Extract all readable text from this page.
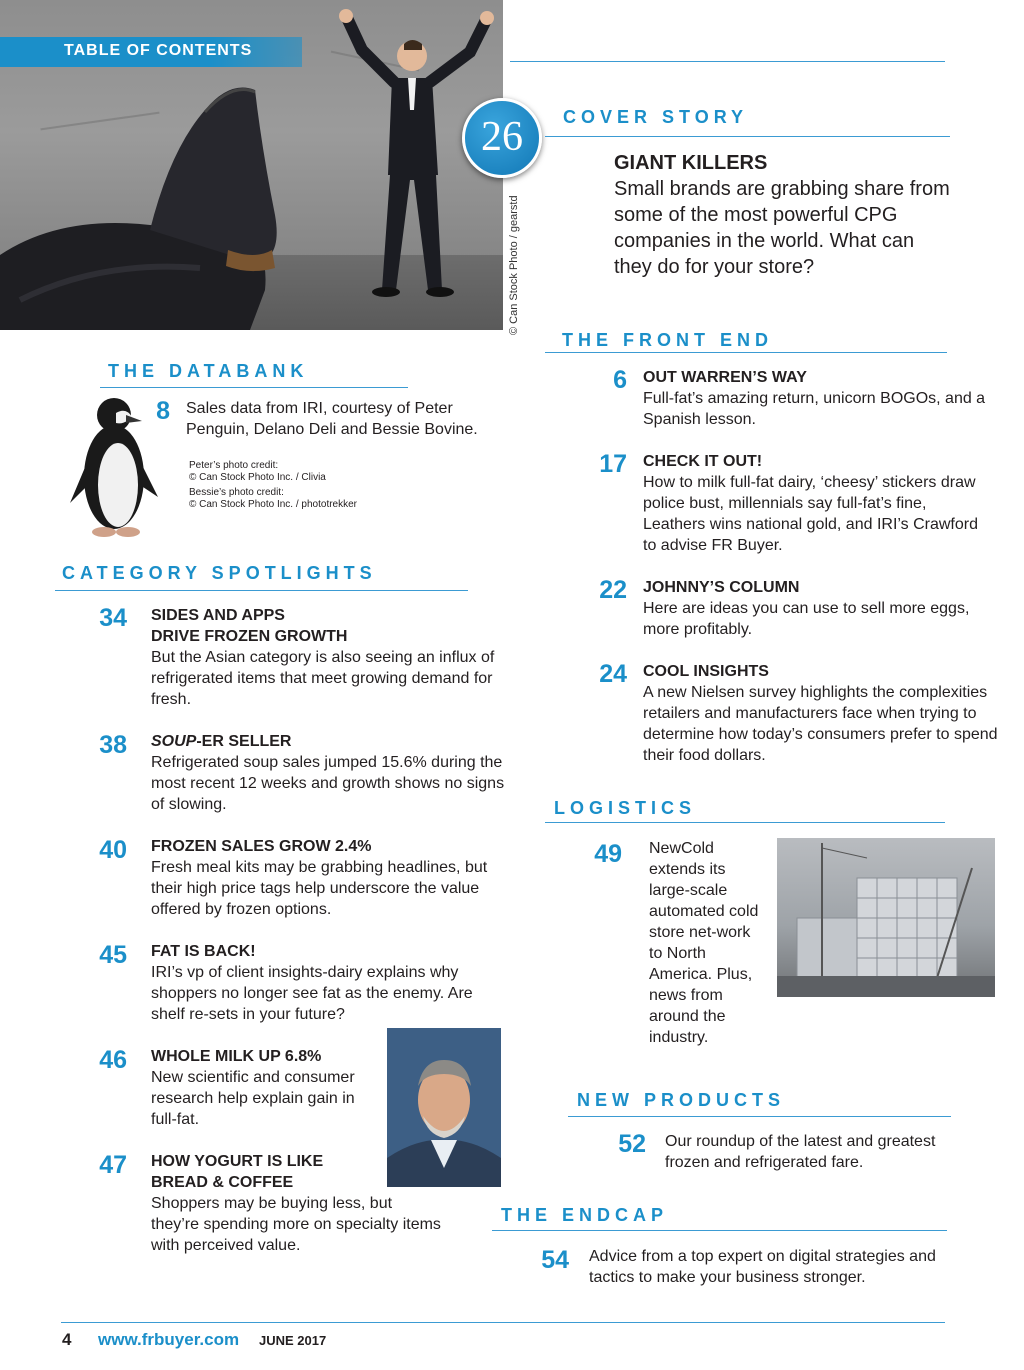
TABLE OF CONTENTS
26
© Can Stock Photo / gearstd
COVER STORY
GIANT KILLERS
Small brands are grabbing share from some of the most powerful CPG companies in the world. What can they do for your store?
THE FRONT END
6 OUT WARREN’S WAY
Full-fat’s amazing return, unicorn BOGOs, and a Spanish lesson.
17 CHECK IT OUT!
How to milk full-fat dairy, ‘cheesy’ stickers draw police bust, millennials say full-fat’s fine, Leathers wins national gold, and IRI’s Crawford to advise FR Buyer.
22 JOHNNY’S COLUMN
Here are ideas you can use to sell more eggs, more profitably.
24 COOL INSIGHTS
A new Nielsen survey highlights the complexities retailers and manufacturers face when trying to determine how today’s consumers prefer to spend their food dollars.
THE DATABANK
8 Sales data from IRI, courtesy of Peter Penguin, Delano Deli and Bessie Bovine.
Peter’s photo credit:
© Can Stock Photo Inc. / Clivia
Bessie’s photo credit:
© Can Stock Photo Inc. / phototrekker
CATEGORY SPOTLIGHTS
34 SIDES AND APPS
DRIVE FROZEN GROWTH
But the Asian category is also seeing an influx of refrigerated items that meet growing demand for fresh.
38 SOUP-ER SELLER
Refrigerated soup sales jumped 15.6% during the most recent 12 weeks and growth shows no signs of slowing.
40 FROZEN SALES GROW 2.4%
Fresh meal kits may be grabbing headlines, but their high price tags help underscore the value offered by frozen options.
45 FAT IS BACK!
IRI’s vp of client insights-dairy explains why shoppers no longer see fat as the enemy. Are shelf re-sets in your future?
46 WHOLE MILK UP 6.8%
New scientific and consumer research help explain gain in full-fat.
47 HOW YOGURT IS LIKE
BREAD & COFFEE
Shoppers may be buying less, but they’re spending more on specialty items with perceived value.
LOGISTICS
49 NewCold extends its large-scale automated cold store net-work to North America. Plus, news from around the industry.
NEW PRODUCTS
52 Our roundup of the latest and greatest frozen and refrigerated fare.
THE ENDCAP
54 Advice from a top expert on digital strategies and tactics to make your business stronger.
4 www.frbuyer.com JUNE 2017
